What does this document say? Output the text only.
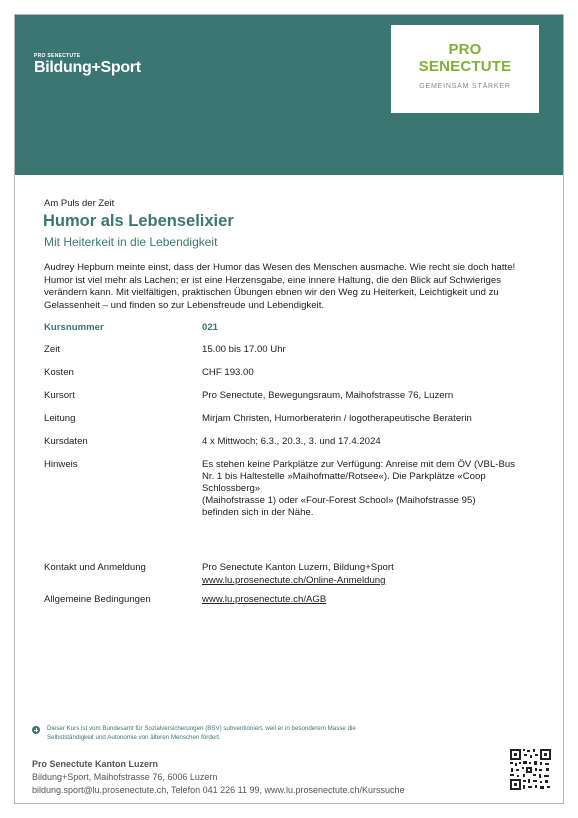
PRO SENECTUTE
Bildung+Sport
PRO
SENECTUTE
GEMEINSAM STÄRKER
Am Puls der Zeit
Humor als Lebenselixier
Mit Heiterkeit in die Lebendigkeit
Audrey Hepburn meinte einst, dass der Humor das Wesen des Menschen ausmache. Wie recht sie doch hatte! Humor ist viel mehr als Lachen; er ist eine Herzensgabe, eine innere Haltung, die den Blick auf Schwieriges verändern kann. Mit vielfältigen, praktischen Übungen ebnen wir den Weg zu Heiterkeit, Leichtigkeit und zu Gelassenheit – und finden so zur Lebensfreude und Lebendigkeit.
Kursnummer	021
Zeit	15.00 bis 17.00 Uhr
Kosten	CHF 193.00
Kursort	Pro Senectute, Bewegungsraum, Maihofstrasse 76, Luzern
Leitung	Mirjam Christen, Humorberaterin / logotherapeutische Beraterin
Kursdaten	4 x Mittwoch; 6.3., 20.3., 3. und 17.4.2024
Hinweis	Es stehen keine Parkplätze zur Verfügung: Anreise mit dem ÖV (VBL-Bus Nr. 1 bis Haltestelle »Maihofmatte/Rotsee«). Die Parkplätze «Coop Schlossberg»
(Maihofstrasse 1) oder «Four-Forest School» (Maihofstrasse 95) befinden sich in der Nähe.
Kontakt und Anmeldung	Pro Senectute Kanton Luzern, Bildung+Sport
www.lu.prosenectute.ch/Online-Anmeldung
Allgemeine Bedingungen	www.lu.prosenectute.ch/AGB
Dieser Kurs ist vom Bundesamt für Sozialversicherungen (BSV) subventioniert, weil er in besonderem Masse die Selbstständigkeit und Autonomie von älteren Menschen fördert.
Pro Senectute Kanton Luzern
Bildung+Sport, Maihofstrasse 76, 6006 Luzern
bildung.sport@lu.prosenectute.ch, Telefon 041 226 11 99, www.lu.prosenectute.ch/Kurssuche
